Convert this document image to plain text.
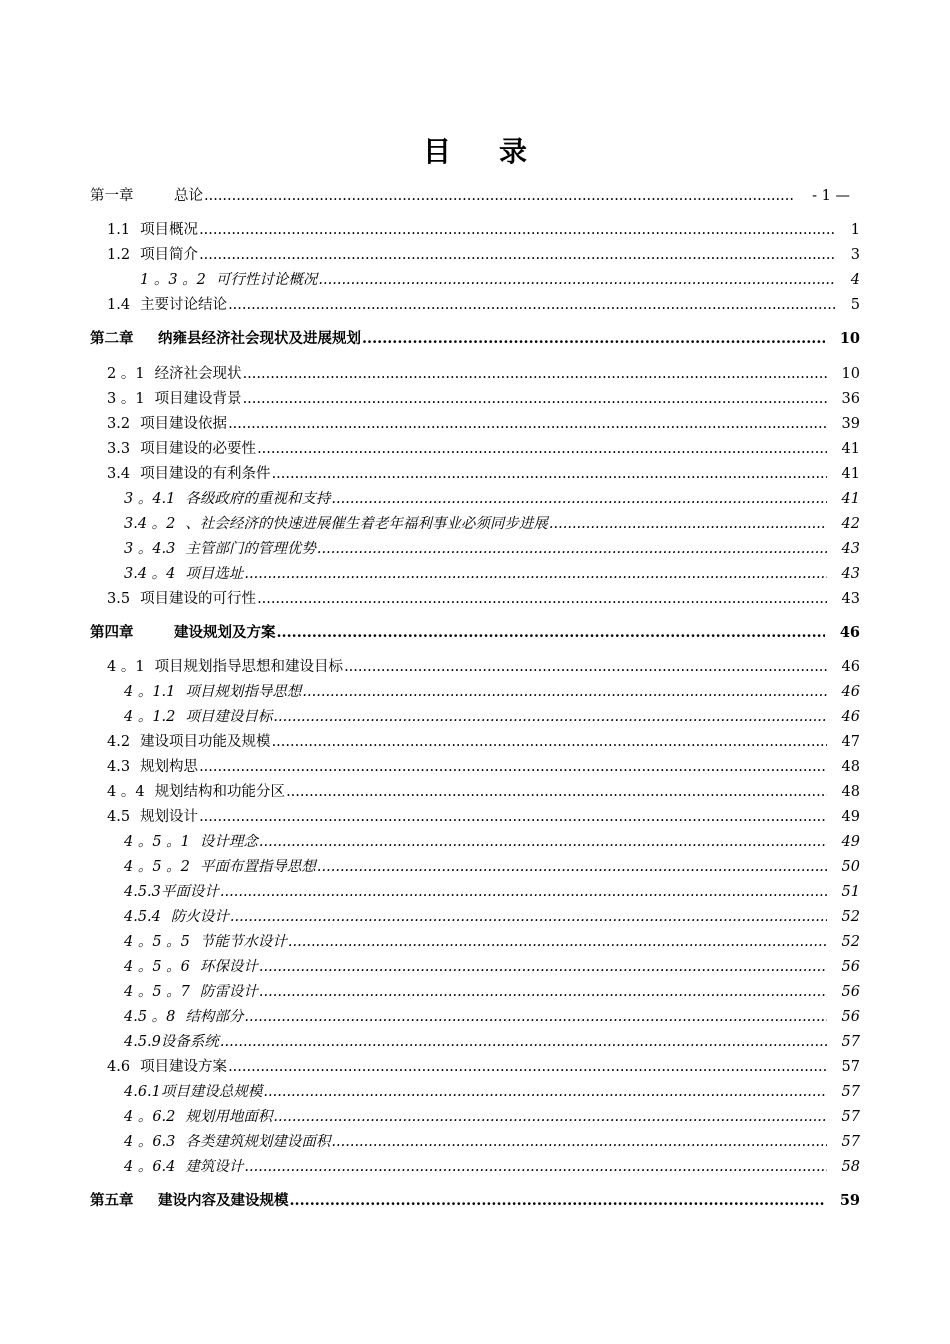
目 录
第一章	总论 .....	- 1 —
1.1 项目概况 .....	1
1.2 项目简介 .....	3
1 。3 。2 可行性讨论概况 .....	4
1.4 主要讨论结论 .....	5
第二章 纳雍县经济社会现状及进展规划 .....	10
2 。1 经济社会现状 .....	10
3 。1 项目建设背景 .....	36
3.2 项目建设依据 .....	39
3.3 项目建设的必要性 .....	41
3.4 项目建设的有利条件 .....	41
3 。4.1 各级政府的重视和支持 .....	41
3.4 。2 、社会经济的快速进展催生着老年福利事业必须同步进展 .....	42
3 。4.3 主管部门的管理优势 .....	43
3.4 。4 项目选址 .....	43
3.5 项目建设的可行性 .....	43
第四章	建设规划及方案 .....	46
4 。1 项目规划指导思想和建设目标 .....	46
4 。1.1 项目规划指导思想 .....	46
4 。1.2 项目建设目标 .....	46
4.2 建设项目功能及规模 .....	47
4.3 规划构思 .....	48
4 。4 规划结构和功能分区 .....	48
4.5 规划设计 .....	49
4 。5 。1 设计理念 .....	49
4 。5 。2 平面布置指导思想 .....	50
4.5.3平面设计 .....	51
4.5.4 防火设计 .....	52
4 。5 。5 节能节水设计 .....	52
4 。5 。6 环保设计 .....	56
4 。5 。7 防雷设计 .....	56
4.5 。8 结构部分 .....	56
4.5.9设备系统 .....	57
4.6 项目建设方案 .....	57
4.6.1项目建设总规模 .....	57
4 。6.2 规划用地面积 .....	57
4 。6.3 各类建筑规划建设面积 .....	57
4 。6.4 建筑设计 .....	58
第五章 建设内容及建设规模 .....	59
